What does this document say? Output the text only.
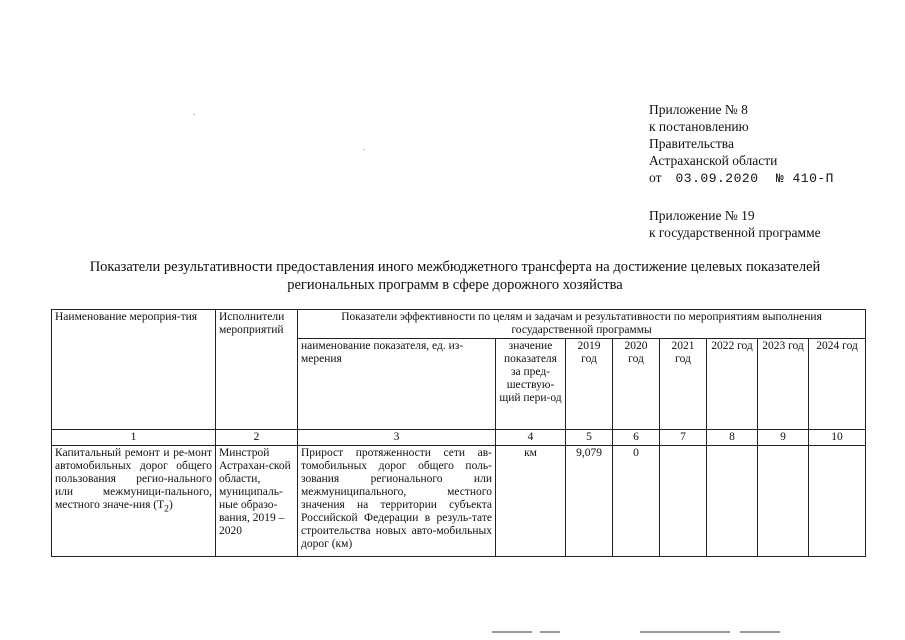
Приложение № 8
к постановлению
Правительства
Астраханской области
от 03.09.2020 № 410-П
Приложение № 19
к государственной программе
Показатели результативности предоставления иного межбюджетного трансферта на достижение целевых показателей
региональных программ в сфере дорожного хозяйства
Наименование мероприя-тия	Исполнители мероприятий	Показатели эффективности по целям и задачам и результативности по мероприятиям выполнения государственной программы							
		наименование показателя, ед. из-мерения	значение показателя за пред-шествую-щий пери-од	2019 год	2020 год	2021 год	2022 год	2023 год	2024 год
1	2	3	4	5	6	7	8	9	10
Капитальный ремонт и ре-монт автомобильных дорог общего пользования регио-нального или межмуници-пального, местного значе-ния $(T_2)$	Минстрой Астрахан-ской области, муниципаль-ные образо-вания, 2019 – 2020	Прирост протяженности сети ав-томобильных дорог общего поль-зования регионального или межмуниципального, местного значения на территории субъекта Российской Федерации в резуль-тате строительства новых авто-мобильных дорог (км)	км	9,079	0				
